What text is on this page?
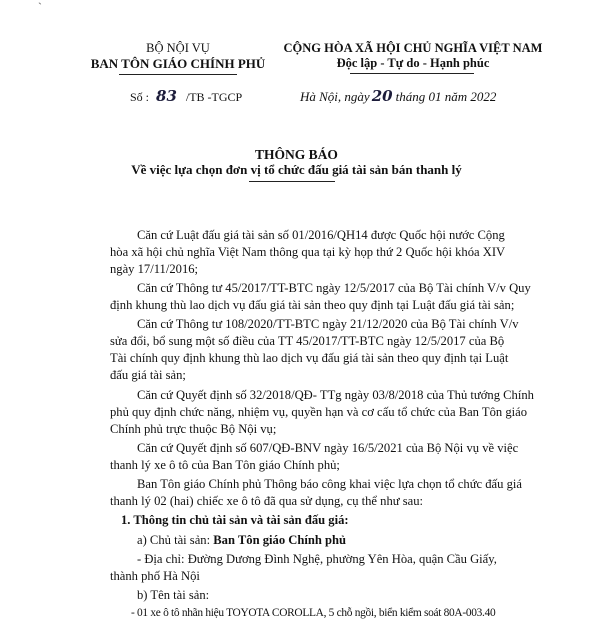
ˋ
BỘ NỘI VỤ
BAN TÔN GIÁO CHÍNH PHỦ
Số : 83 /TB -TGCP
CỘNG HÒA XÃ HỘI CHỦ NGHĨA VIỆT NAM
Độc lập - Tự do - Hạnh phúc
Hà Nội, ngày 20 tháng 01 năm 2022
THÔNG BÁO
Về việc lựa chọn đơn vị tổ chức đấu giá tài sản bán thanh lý
Căn cứ Luật đấu giá tài sản số 01/2016/QH14 được Quốc hội nước Cộng
hòa xã hội chủ nghĩa Việt Nam thông qua tại kỳ họp thứ 2 Quốc hội khóa XIV
ngày 17/11/2016;
Căn cứ Thông tư 45/2017/TT-BTC ngày 12/5/2017 của Bộ Tài chính V/v Quy
định khung thù lao dịch vụ đấu giá tài sản theo quy định tại Luật đấu giá tài sản;
Căn cứ Thông tư 108/2020/TT-BTC ngày 21/12/2020 của Bộ Tài chính V/v
sửa đổi, bổ sung một số điều của TT 45/2017/TT-BTC ngày 12/5/2017 của Bộ
Tài chính quy định khung thù lao dịch vụ đấu giá tài sản theo quy định tại Luật
đấu giá tài sản;
Căn cứ Quyết định số 32/2018/QĐ- TTg ngày 03/8/2018 của Thủ tướng Chính
phủ quy định chức năng, nhiệm vụ, quyền hạn và cơ cấu tổ chức của Ban Tôn giáo
Chính phủ trực thuộc Bộ Nội vụ;
Căn cứ Quyết định số 607/QĐ-BNV ngày 16/5/2021 của Bộ Nội vụ về việc
thanh lý xe ô tô của Ban Tôn giáo Chính phủ;
Ban Tôn giáo Chính phủ Thông báo công khai việc lựa chọn tổ chức đấu giá
thanh lý 02 (hai) chiếc xe ô tô đã qua sử dụng, cụ thể như sau:
1. Thông tin chủ tài sản và tài sản đấu giá:
a) Chủ tài sản: Ban Tôn giáo Chính phủ
- Địa chỉ: Đường Dương Đình Nghệ, phường Yên Hòa, quận Cầu Giấy,
thành phố Hà Nội
b) Tên tài sản:
- 01 xe ô tô nhãn hiệu TOYOTA COROLLA, 5 chỗ ngồi, biển kiểm soát 80A-003.40
